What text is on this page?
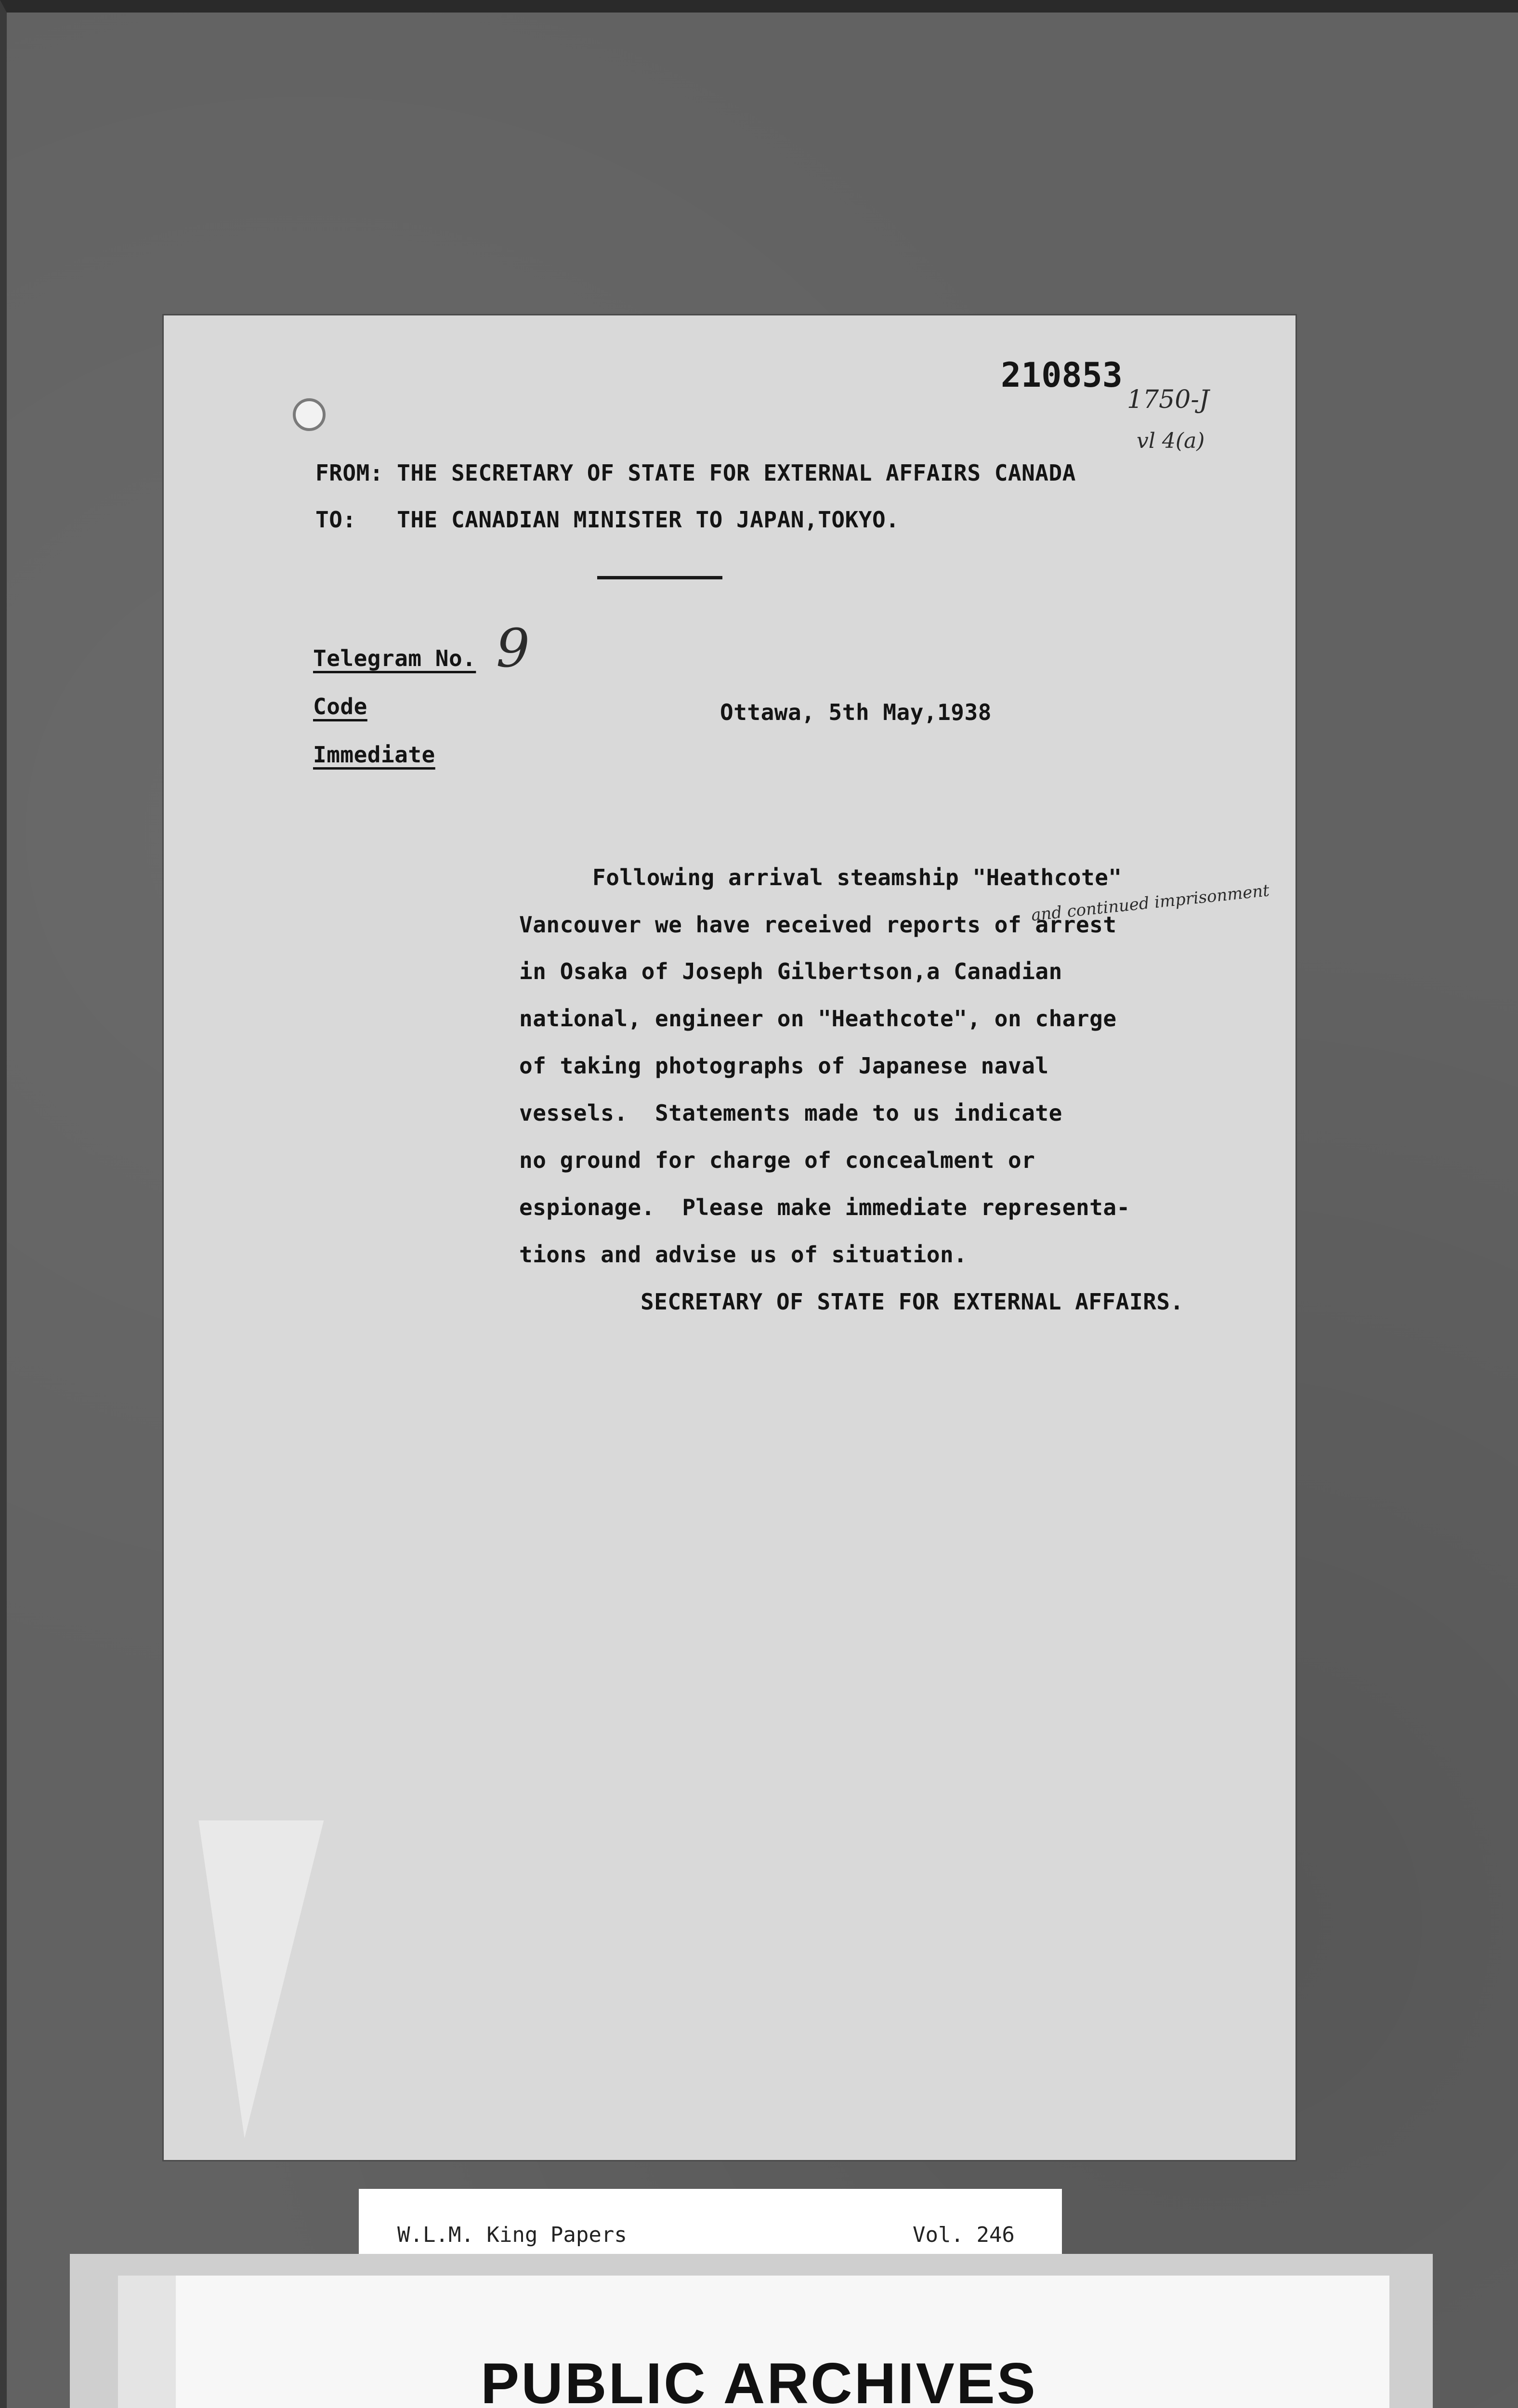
210853
1750-J
vl 4(a)
FROM: THE SECRETARY OF STATE FOR EXTERNAL AFFAIRS CANADA
TO:   THE CANADIAN MINISTER TO JAPAN,TOKYO.
Telegram No. 9
Code
Immediate
Ottawa, 5th May,1938
Following arrival steamship "Heathcote"
Vancouver we have received reports of arrest
in Osaka of Joseph Gilbertson,a Canadian
national, engineer on "Heathcote", on charge
of taking photographs of Japanese naval
vessels.  Statements made to us indicate
no ground for charge of concealment or
espionage.  Please make immediate representa-
tions and advise us of situation.
and continued imprisonment
SECRETARY OF STATE FOR EXTERNAL AFFAIRS.
W.L.M. King Papers	Vol. 246
PUBLIC ARCHIVES
